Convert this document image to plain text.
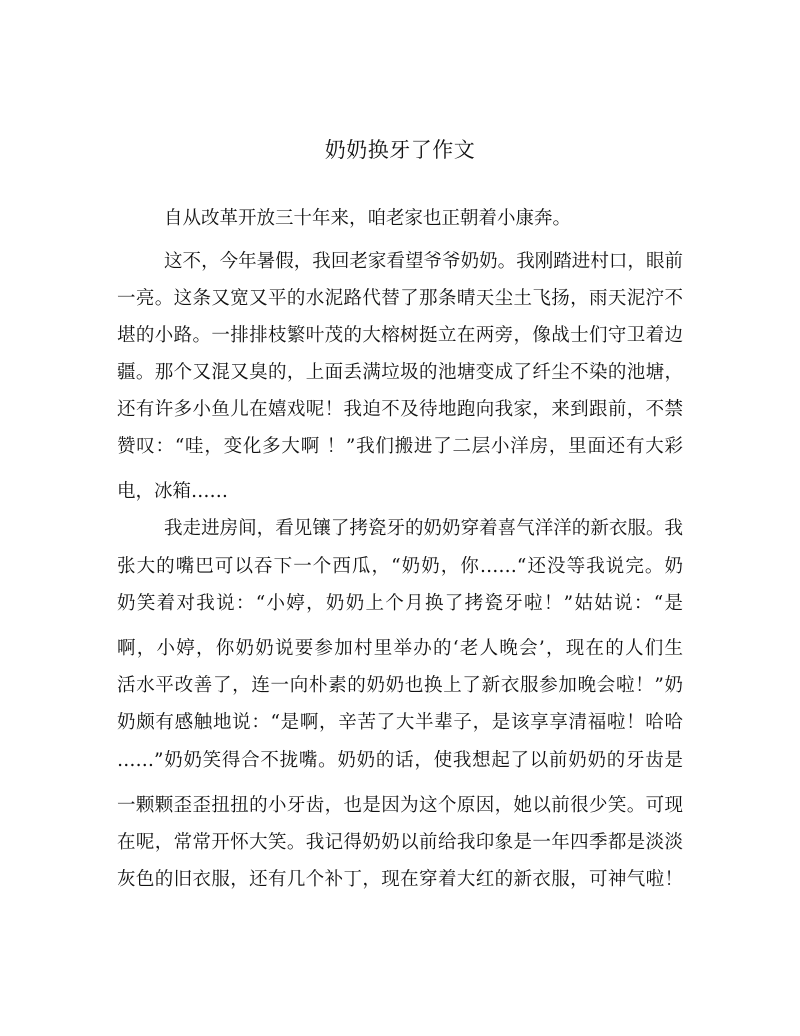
奶奶换牙了作文
自从改革开放三十年来，咱老家也正朝着小康奔。
这不，今年暑假，我回老家看望爷爷奶奶。我刚踏进村口，眼前
一亮。这条又宽又平的水泥路代替了那条晴天尘土飞扬，雨天泥泞不
堪的小路。一排排枝繁叶茂的大榕树挺立在两旁，像战士们守卫着边
疆。那个又混又臭的，上面丢满垃圾的池塘变成了纤尘不染的池塘，
还有许多小鱼儿在嬉戏呢！我迫不及待地跑向我家，来到跟前，不禁
赞叹：“哇，变化多大啊 ！”我们搬进了二层小洋房，里面还有大彩
电，冰箱……
我走进房间，看见镶了拷瓷牙的奶奶穿着喜气洋洋的新衣服。我
张大的嘴巴可以吞下一个西瓜，“奶奶，你……“还没等我说完。奶
奶笑着对我说：“小婷，奶奶上个月换了拷瓷牙啦！”姑姑说：“是
啊，小婷，你奶奶说要参加村里举办的‘老人晚会’，现在的人们生
活水平改善了，连一向朴素的奶奶也换上了新衣服参加晚会啦！”奶
奶颇有感触地说：“是啊，辛苦了大半辈子，是该享享清福啦！哈哈
……”奶奶笑得合不拢嘴。奶奶的话，使我想起了以前奶奶的牙齿是
一颗颗歪歪扭扭的小牙齿，也是因为这个原因，她以前很少笑。可现
在呢，常常开怀大笑。我记得奶奶以前给我印象是一年四季都是淡淡
灰色的旧衣服，还有几个补丁，现在穿着大红的新衣服，可神气啦！
